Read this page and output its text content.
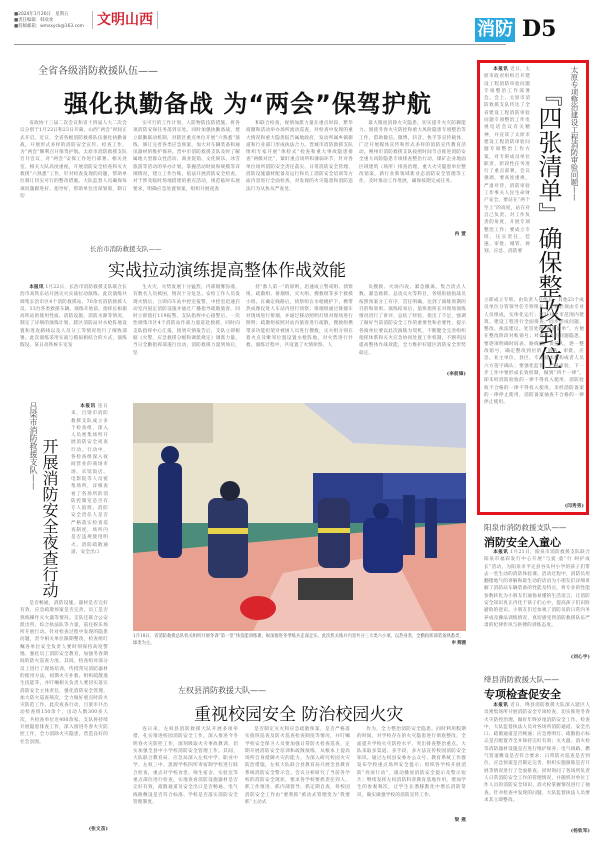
■2024年1月26日　星期五
■责任编辑：韩欢欢
■投稿邮箱：wmsxyck@163.com 文明山西	消防 D5
全省各级消防救援队伍——
强化执勤备战 为“两会”保驾护航

省政协十三届二次会议和省十四届人大二次会议分别于1月22日和23日开幕，山西“两会”时间正式开启。近日，全省各级消防救援队伍强化执勤备战，开展形式多样的消防安全宣传、检查工作，为“两会”顺利召开保驾护航。太原市消防救援支队召开会议，对“两会”安保工作进行部署。相关处室、相关大队高度重视，开展消防安全检查和灭火救援“六熟悉”工作，针对检查发现的问题，帮助单位制订切实可行的整改措施。大队监督人员确保每项问题跟进好、指导好，帮助单位出谋划策，制订切

实可行的工作计划，人防物防技防措施。将各项消防安保任务落到实处。同时加强执勤备战，建立联勤联动机制，对辖区重点单位开展“六熟悉”演练，修订完善各类应急预案，加大对车辆装备和通讯器材的维护保养。晋中市消防救援支队及时了解属地大型群众性活动、商业促销、文化娱乐、冰雪旅游等活动的举办计划，掌握活动时间和规模等详细情况，建立工作台账，依法开展消防安全检查。对于涉及临时场地搭建的重点活动，规范临时布展要求，明确应急处置预案，组织开展夜查

和联合检查，视情加派力量在重点时段、繁华商圈和活动举办场所流动巡查，对检查中发现的重大情况和重大隐患报告属地政府，发动所属乡镇街道和行业部门形成执法合力。晋城市消防救援支队组织专家开展“体检式”检查和重大事故隐患排查“两级对比”，紧盯重点场所和薄弱环节，针对各单位场所消防安全责任落实、日常消防安全管理、消防设施器材配备及运行和员工消防安全培训等方面内容进行全面检查，对发现的火灾隐患和消防违法行为从快从严查处。

最大限度消除火灾隐患，切实提升火灾防御能力。围绕冬春火灾防控和重大风险隐患专项整治等工作，借助微信、微博、抖音、快手等宣传载体，广泛开展媒体宣传和形式多样的消防宣传教育活动。朔州市消防救援支队按照时间节点推进消防安全重大风险隐患专项排查整治行动，煤矿企业地面区域建筑（场所）排查治理，重大火灾隐患单位整改销案，新行业新领域新业态消防安全管理等工作，及时推动工作进展，确保按期完成任务。

冉 萱
长治市消防救援支队——
实战拉动演练提高整体作战效能

本报讯 1月22日，长治市消防救援支队联合长治市高铁东站开展灭火实战拉动演练。此次演练共调集长治市区4个消防救援站、70余名消防救援人员、13台各类救援车辆。演练开始前，指挥长根据高铁站的使用性质、消防设施、消防水源等情况，制定了详细的演练计划，辖区消防站对水枪阵地设置和进攻路线以及人员分工等情况进行了细致部署。此次演练采用实战与模拟相结合的方式，演练假设，某日高铁候车室发

生火灾，火势发展十分猛烈，内部烟雾弥漫，有数名人员被困，情况十分危急。安检工作人员发现火情后，立即向车站中控室报警，中控室迅速启动室内固定消防设施并通过广播指导疏散旅客，同时立即拨打119报警。支队指挥中心接警后，一次性调集市区4个消防站作战力量赶赴救援，同时向支队指挥中心汇报，接到灾情报告后，支队立即根据《火警、应急救援分级和调派规定》调派力量。当日全勤指挥部遂行出动，消防救援力量到场后，坚

持“救人第一”的原则，迅速成立警戒组、侦察组、疏散组、排烟组、灭火组、搜救组等多个救援小组。在确定线路后，侦察组在水枪掩护下，携带热成像仪进人车站内进行侦察；排烟组通过排烟车对现场进行排烟，并通过移动照明灯组对现场进行照明；疏散组按照对站内旅客进行疏散，搜救组携带多功能担架对被困人员进行搜救，灭火组分别在着火点及毗邻位置设置水枪阵地，对火势进行扑救。演练过程中，共设置了火情侦察、人

员搜救、火场内攻、紧急撤离、集合清点人数、紧急救援、总攻灭火等科目，各组衔接指战员按照预案分工有序，贯任明确，达到了演练预期的目的和效果。演练结束后，值班指挥长对现场演练情况进行了讲评，总结了经验，指出了不足，强调了做好当前消防安全工作的重要性和必要性，提示各演单位要以此次演练为契机，不断健全完善组织指挥体系和灭火应急协同处置工作机制，不断巩固提高整体作战效能，全力维护好辖区消防安全形势稳定。

(李前锋)
吕梁市消防救援支队—— 开展消防安全夜查行动

本报讯 连日来，吕梁市消防救援支队成立多个检查组，深入人员密集场所开展消防安全夜查行动。行动中，各检查组深入夜间营业的商场市场、宾馆饭店、电影院等人员密集场所，详细查看了各场所的消防控制室是否有专人值班，消防安全责任人是否严格落实检查巡查制度，场所内是否违规使用明火，消防疏散通道、安全出口

是否畅通，消防设施、器材是否完好有效，应急疏散预案是否完善，员工是否熟练操作灭火器等情况。支队还联合公安派出所、综合执法队等力量，前往娱乐场所开展行动。针对检查过程中发现的隐患问题，责令相关单位限期整改，检查组叮嘱各单位安全负责人要时刻保持高度警惕，强化员工消防安全教育，加强冬春期间的防火巡查力度。其间，检查组对部分员工进行了现场培训，传授常见消防器材的使用方法、初期火灾扑救、组织疏散逃生技能等，并叮嘱相关负责人要切实落实消防安全主体责任，强化消防安全管理，加大防火巡查频次，全力做好重点时段火灾防范工作。此次夜查行动，吕梁市共出动检查组150余个，出动人数300多人次，共检查单位近400余家。支队将持续开展隐患排查工作，深入推进冬春火灾防控工作，全力消除火灾隐患，营造良好的社会氛围。

(张文苗)
1月18日，省消防救援总队机关组织开展冬训“第一堂”体技能训练课，纵深推进冬季练兵走深走实。此次机关练兵内容共分三大类六小项，以热身类、全勤指挥部装备熟悉类、球类为主。	申 辉摄
左权县消防救援大队——
重视校园安全 防治校园火灾

连日来，左权县消防救援大队开展多项举措，扎实推进校园消防安全工作。深入推进今冬明春火灾防控工作，深刻吸取火灾事故教训，切实加强全县中小学校消防安全管理工作。其间，大队联合教育局、应急局深入左权中学、职业中学、左权三中、思源学校四所寄宿制学校进行联合检查，重点对学校食堂、师生宿舍、实验室等重点部位进行检查，实地查看消防设施器材是否完好有效，疏散通道及安全出口是否畅通、电气线路敷设是否符合标准、学校是否落实消防安全管理制度、

是否制定灭火和应急疏散预案、是否严格落实值班巡查及防火巡查检查制度等情况，并叮嘱学校安全保卫人员要加强日常防火检查巡查，定期开展消防安全培训和疏散演练，从根本上提高场所自身抵御火灾的能力。为深入研究校园火灾防治措施，左权大队联合县教育局开展全县教育系统消防安全警示会。会议分析研究了当前各学校的消防安全现状，要求各学校要抓责任到人、抓工作推进、抓内部督导、抓定期自查，将校园消防安全工作由“要我抓”被动式管理变为“我要抓”主动式

作为，全力整治消防安全隐患。同时利用假期的时间，对学校存在的火灾隐患进行彻底整改，全面提升学校火灾防控水平，突出排查整治重点。大队采取多渠道、多手段、多方法宣传校园消防安全知识。通过左权县安委办公众号、教育系统工作群发布学校重点场所安全提示；组织各学校开展消防“亮屏行动”，滚动播放消防安全提示及警示短片；继续发挥左权消防科普教育基地作用，增加学生的参观频次，让学生在潜移默化中增长消防常识，做实做强学校的消防宣传工作。

梁 燕

本报讯 近日，太原市政府组织召开建设工程消防审验问题专项整治工作部署会。会上，太原市消防救援支队传达了全省建设工程消防审验问题专项整治工作电视电话会议有关精神，并宣读了太原市建设工程消防审验问题专项整治工作方案，对专班成员单位职责、阶段性任务进行了重点部署。会议强调，要高度重视、严肃对待，消防审验工作事关人民生命财产安全。要站在“两个至上”的高度，站在对自己负责、对工作负责的角度，开展专项整治工作；要成立专班，压实责任，佳速、审批、城管、规划、应急、消防要

太原专项整治建设工程消防审验问题——
『四张清单』确保整改到位

立即成立专班，由负责人任组长，其他23个成员单位分管领导任专班组长，专班必须由专业人员组成，实体化运行；要针对全市范围内建筑、建设工程进行全面排查，同步形成问题、整改、执法建议、处罚处理“四张清单”，方便在整改阶段对账销号；对排查出的问题隐患，要逐项明确时间表、路线图、责任人，逐一整改销号，确定整改到位的，消防、审批、应急、业主单位、县区、专业技术机构或者人员六方签字确认；要强化监督、严格审验，下一步工作中要形成长效机制，做到“四个一律”，即未经消防验收的一律不得投入使用，消防验收不合格的一律不得投入使用，未经消防备案的一律停止使用，消防备案抽查不合格的一律停止使用。

(闫秀男)
阳泉市消防救援支队——
消防安全入童心

本报讯 1月21日，阳泉市消防救援支队联合阳泉市福彩发行中心开展“与爱·童”行 呵护成长”活动，为阳泉市平定县谷头村小学的孩子们带去一堂生动的消防体验课。活动过程中，消防员用翻搂地气的讲解和最生动的话语为小朋友们详细讲解了消防站车辆装备的性能及特点，将专业的性能参数转化为小朋友们通俗易懂的生活语言，让消防安全知识真正内化于孩子们心中，提高孩子们识险避险的意识。小朋友们还参观了消防员的日常内务养成及操法训练情况，真切感受到消防救援队伍严肃的纪律作风与拼搏的训练态度。

(刘心宇)
绛县消防救援大队——
专项检查促安全

本报讯 近日，绛县消防救援大队深入辖区人员密集场所开展消防安全专项检查，切实推进冬春火灾防控治理，做好年终岁尾消防安全工作。检查中，大队监督执法人员对各场所消防通道、安全出口、疏散通道是否畅通；应急照明灯、疏散指示标志是否配置齐全并保持完好有效；灭火器、消火栓等消防器材设施是否进行维护保养；电气线路、燃气管道敷设是否符合要求；日常防火巡查是否到位，应急预案是否制定完善，组织实施演练是否开展等情况进行了全面排查。同时询问了各场所负责人日常消防安全工作的管理情况，并随机对单位工作人员的消防安全知识、消火栓掌握情况进行了抽查。针对检查中发现的问题，大队监督执法人员要求其立即整改。

(杨钦军)
